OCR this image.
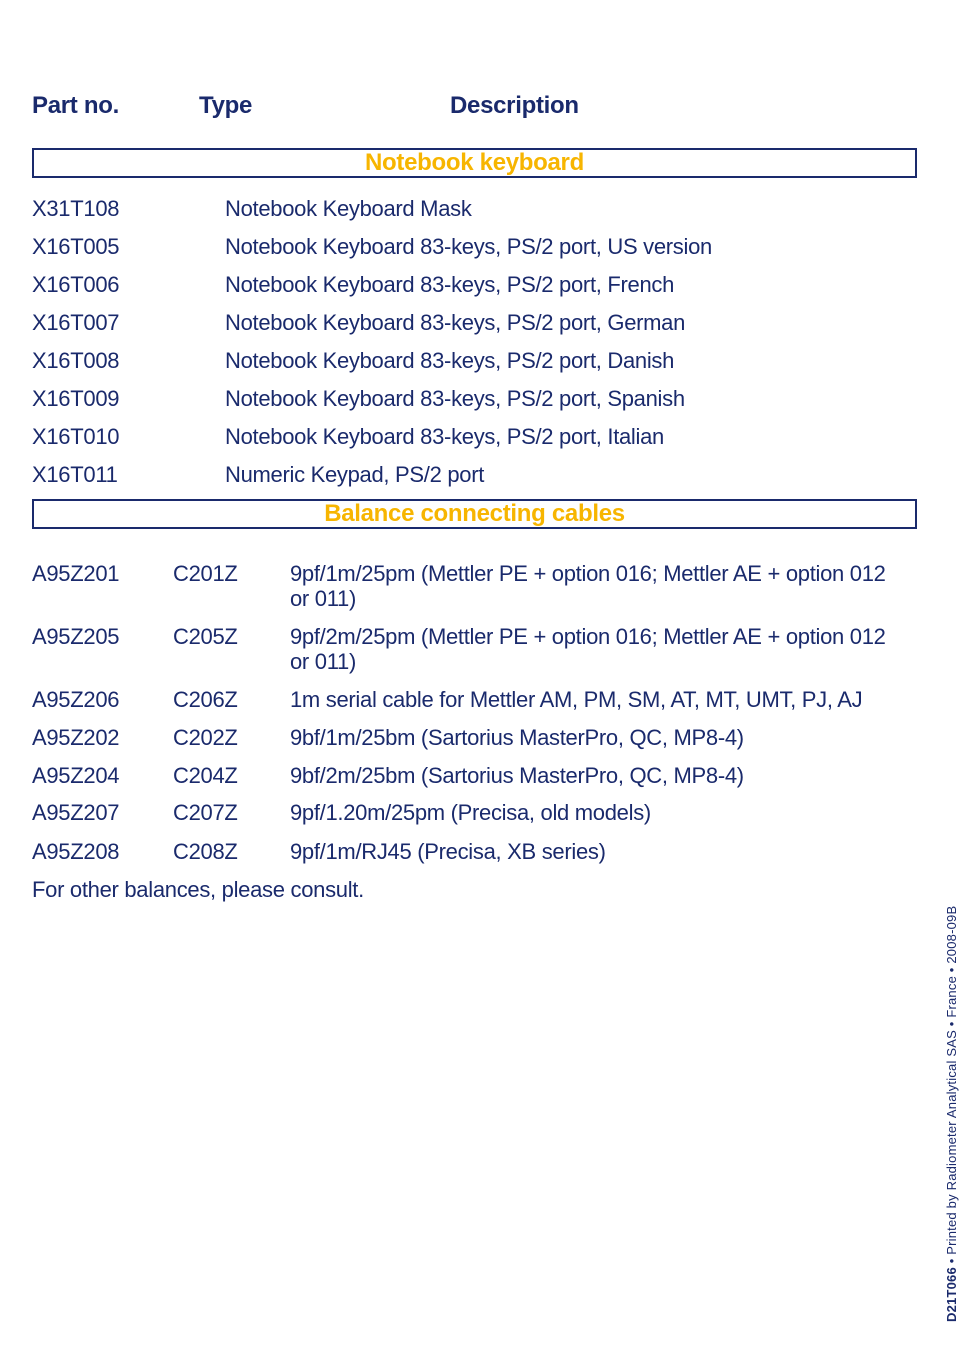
Part no.	Type	Description
Notebook keyboard
X31T108	Notebook Keyboard Mask
X16T005	Notebook Keyboard 83-keys, PS/2 port, US version
X16T006	Notebook Keyboard 83-keys, PS/2 port, French
X16T007	Notebook Keyboard 83-keys, PS/2 port, German
X16T008	Notebook Keyboard 83-keys, PS/2 port, Danish
X16T009	Notebook Keyboard 83-keys, PS/2 port, Spanish
X16T010	Notebook Keyboard 83-keys, PS/2 port, Italian
X16T011	Numeric Keypad, PS/2 port
Balance connecting cables
A95Z201 C201Z 9pf/1m/25pm (Mettler PE + option 016; Mettler AE + option 012 or 011)
A95Z205 C205Z 9pf/2m/25pm (Mettler PE + option 016; Mettler AE + option 012 or 011)
A95Z206 C206Z 1m serial cable for Mettler AM, PM, SM, AT, MT, UMT, PJ, AJ
A95Z202 C202Z 9bf/1m/25bm (Sartorius MasterPro, QC, MP8-4)
A95Z204 C204Z 9bf/2m/25bm (Sartorius MasterPro, QC, MP8-4)
A95Z207 C207Z 9pf/1.20m/25pm (Precisa, old models)
A95Z208 C208Z 9pf/1m/RJ45 (Precisa, XB series)
For other balances, please consult.
D21T066 • Printed by Radiometer Analytical SAS • France • 2008-09B
